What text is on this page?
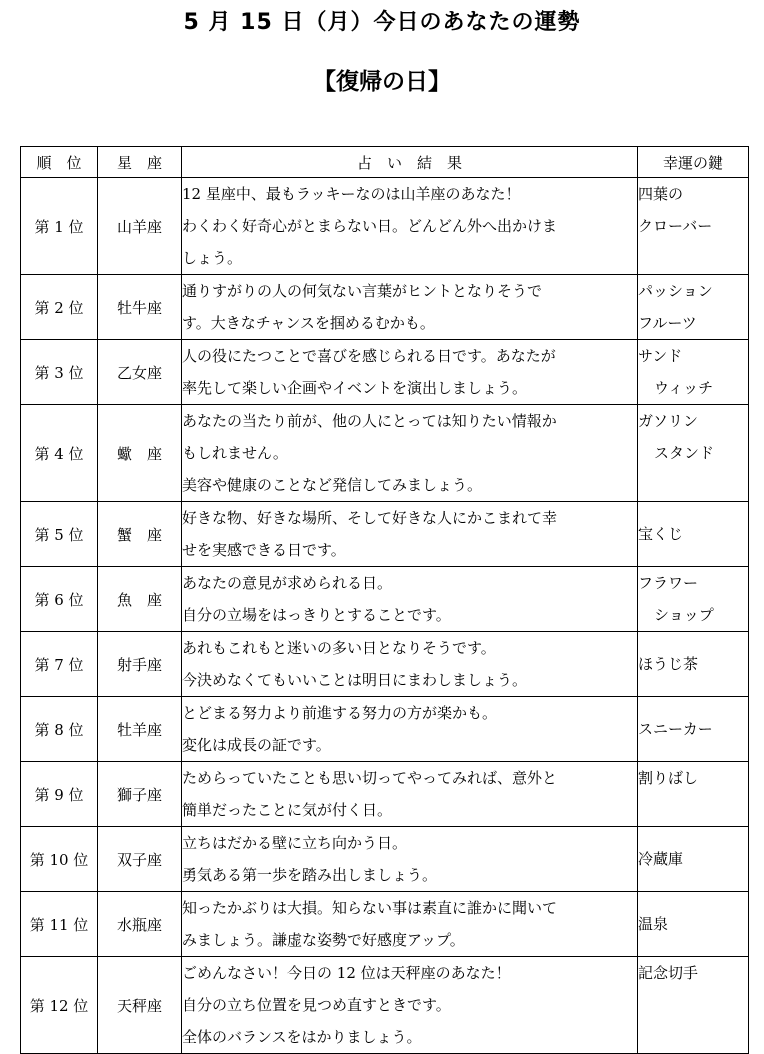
5 月 15 日（月）今日のあなたの運勢
【復帰の日】
順　位	星　座	占　い　結　果	幸運の鍵
第 1 位	山羊座	12 星座中、最もラッキーなのは山羊座のあなた！
わくわく好奇心がとまらない日。どんどん外へ出かけま
しょう。	四葉の
クローバー

第 2 位	牡牛座	通りすがりの人の何気ない言葉がヒントとなりそうで
す。大きなチャンスを掴めるむかも。	パッション
フルーツ

第 3 位	乙女座	人の役にたつことで喜びを感じられる日です。あなたが
率先して楽しい企画やイベントを演出しましょう。	サンド
ウィッチ

第 4 位	蠍　座	あなたの当たり前が、他の人にとっては知りたい情報か
もしれません。
美容や健康のことなど発信してみましょう。	ガソリン
スタンド

第 5 位	蟹　座	好きな物、好きな場所、そして好きな人にかこまれて幸
せを実感できる日です。	宝くじ

第 6 位	魚　座	あなたの意見が求められる日。
自分の立場をはっきりとすることです。	フラワー
ショップ

第 7 位	射手座	あれもこれもと迷いの多い日となりそうです。
今決めなくてもいいことは明日にまわしましょう。	ほうじ茶

第 8 位	牡羊座	とどまる努力より前進する努力の方が楽かも。
変化は成長の証です。	スニーカー

第 9 位	獅子座	ためらっていたことも思い切ってやってみれば、意外と
簡単だったことに気が付く日。	割りばし

第 10 位	双子座	立ちはだかる壁に立ち向かう日。
勇気ある第一歩を踏み出しましょう。	冷蔵庫

第 11 位	水瓶座	知ったかぶりは大損。知らない事は素直に誰かに聞いて
みましょう。謙虚な姿勢で好感度アップ。	温泉

第 12 位	天秤座	ごめんなさい！今日の 12 位は天秤座のあなた！
自分の立ち位置を見つめ直すときです。
全体のバランスをはかりましょう。	記念切手
